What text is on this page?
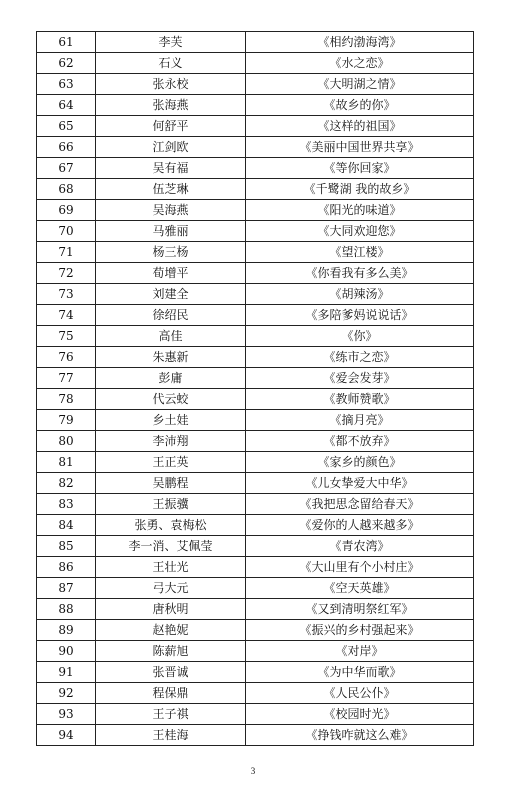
61	李芙	《相约渤海湾》
62	石义	《水之恋》
63	张永校	《大明湖之情》
64	张海燕	《故乡的你》
65	何舒平	《这样的祖国》
66	江剑欧	《美丽中国世界共享》
67	吴有福	《等你回家》
68	伍芝琳	《千鹭湖 我的故乡》
69	吴海燕	《阳光的味道》
70	马雅丽	《大同欢迎您》
71	杨三杨	《望江楼》
72	荀增平	《你看我有多么美》
73	刘建全	《胡辣汤》
74	徐绍民	《多陪爹妈说说话》
75	高佳	《你》
76	朱惠新	《练市之恋》
77	彭庸	《爱会发芽》
78	代云蛟	《教师赞歌》
79	乡土娃	《摘月亮》
80	李沛翔	《都不放弃》
81	王正英	《家乡的颜色》
82	吴鹏程	《儿女挚爱大中华》
83	王振骥	《我把思念留给春天》
84	张勇、袁梅松	《爱你的人越来越多》
85	李一消、艾佩莹	《青农湾》
86	王壮光	《大山里有个小村庄》
87	弓大元	《空天英雄》
88	唐秋明	《又到清明祭红军》
89	赵艳妮	《振兴的乡村强起来》
90	陈薪旭	《对岸》
91	张晋诚	《为中华而歌》
92	程保鼎	《人民公仆》
93	王子祺	《校园时光》
94	王桂海	《挣钱咋就这么难》
3
